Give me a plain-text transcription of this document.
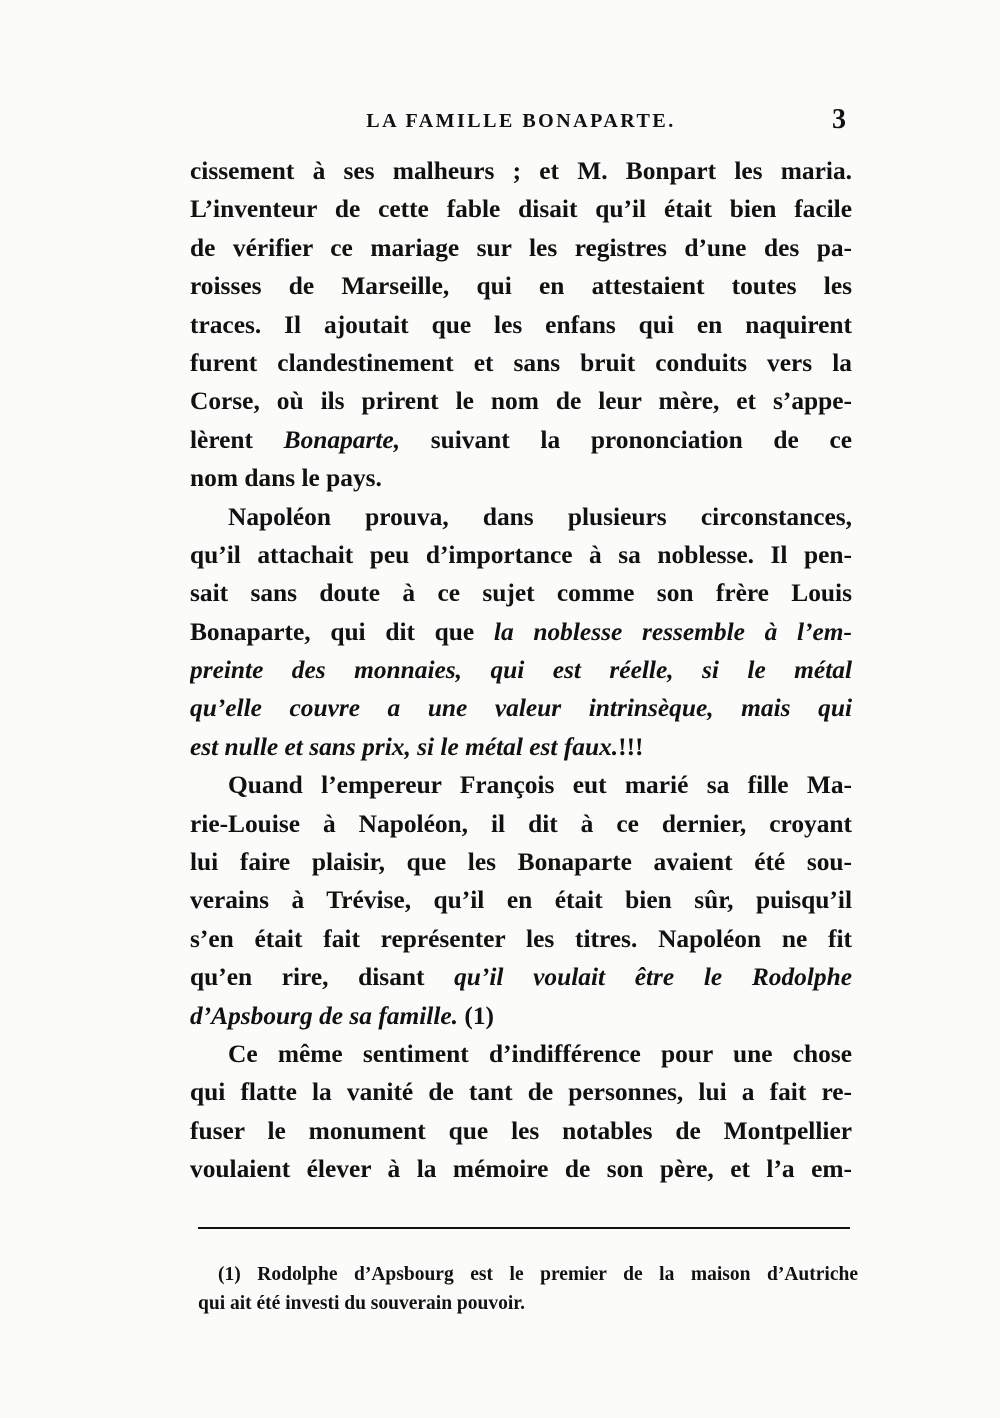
LA FAMILLE BONAPARTE.	3
cissement à ses malheurs ; et M. Bonpart les maria.
L’inventeur de cette fable disait qu’il était bien facile
de vérifier ce mariage sur les registres d’une des pa-
roisses de Marseille, qui en attestaient toutes les
traces. Il ajoutait que les enfans qui en naquirent
furent clandestinement et sans bruit conduits vers la
Corse, où ils prirent le nom de leur mère, et s’appe-
lèrent Bonaparte, suivant la prononciation de ce
nom dans le pays.
Napoléon prouva, dans plusieurs circonstances,
qu’il attachait peu d’importance à sa noblesse. Il pen-
sait sans doute à ce sujet comme son frère Louis
Bonaparte, qui dit que la noblesse ressemble à l’em-
preinte des monnaies, qui est réelle, si le métal
qu’elle couvre a une valeur intrinsèque, mais qui
est nulle et sans prix, si le métal est faux.!!!
Quand l’empereur François eut marié sa fille Ma-
rie-Louise à Napoléon, il dit à ce dernier, croyant
lui faire plaisir, que les Bonaparte avaient été sou-
verains à Trévise, qu’il en était bien sûr, puisqu’il
s’en était fait représenter les titres. Napoléon ne fit
qu’en rire, disant qu’il voulait être le Rodolphe
d’Apsbourg de sa famille. (1)
Ce même sentiment d’indifférence pour une chose
qui flatte la vanité de tant de personnes, lui a fait re-
fuser le monument que les notables de Montpellier
voulaient élever à la mémoire de son père, et l’a em-
(1) Rodolphe d’Apsbourg est le premier de la maison d’Autriche
qui ait été investi du souverain pouvoir.
